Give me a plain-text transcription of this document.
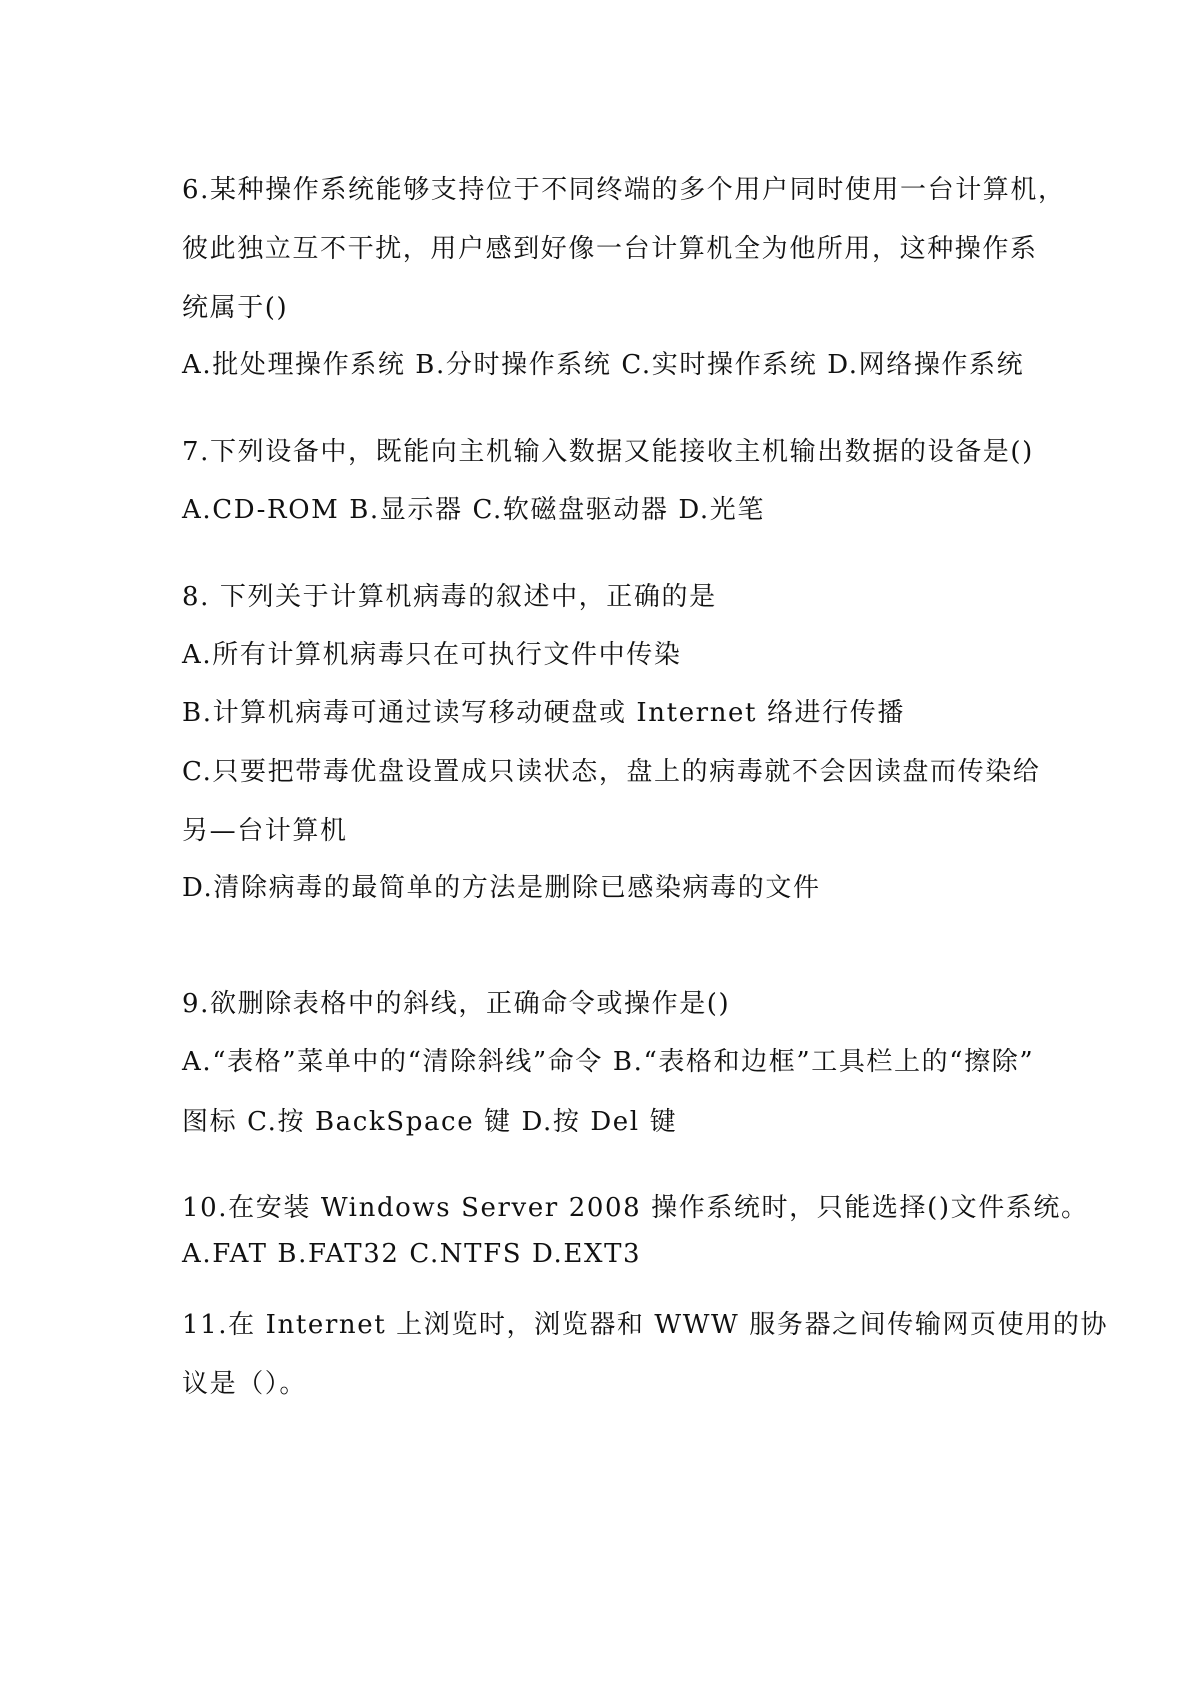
6.某种操作系统能够支持位于不同终端的多个用户同时使用一台计算机，
彼此独立互不干扰，用户感到好像一台计算机全为他所用，这种操作系
统属于()
A.批处理操作系统 B.分时操作系统 C.实时操作系统 D.网络操作系统
7.下列设备中，既能向主机输入数据又能接收主机输出数据的设备是()
A.CD-ROM B.显示器 C.软磁盘驱动器 D.光笔
8. 下列关于计算机病毒的叙述中，正确的是
A.所有计算机病毒只在可执行文件中传染
B.计算机病毒可通过读写移动硬盘或 Internet 络进行传播
C.只要把带毒优盘设置成只读状态，盘上的病毒就不会因读盘而传染给
另—台计算机
D.清除病毒的最简单的方法是删除已感染病毒的文件
9.欲删除表格中的斜线，正确命令或操作是()
A.“表格”菜单中的“清除斜线”命令 B.“表格和边框”工具栏上的“擦除”
图标 C.按 BackSpace 键 D.按 Del 键
10.在安装 Windows Server 2008 操作系统时，只能选择()文件系统。
A.FAT B.FAT32 C.NTFS D.EXT3
11.在 Internet 上浏览时，浏览器和 WWW 服务器之间传输网页使用的协
议是（）。
